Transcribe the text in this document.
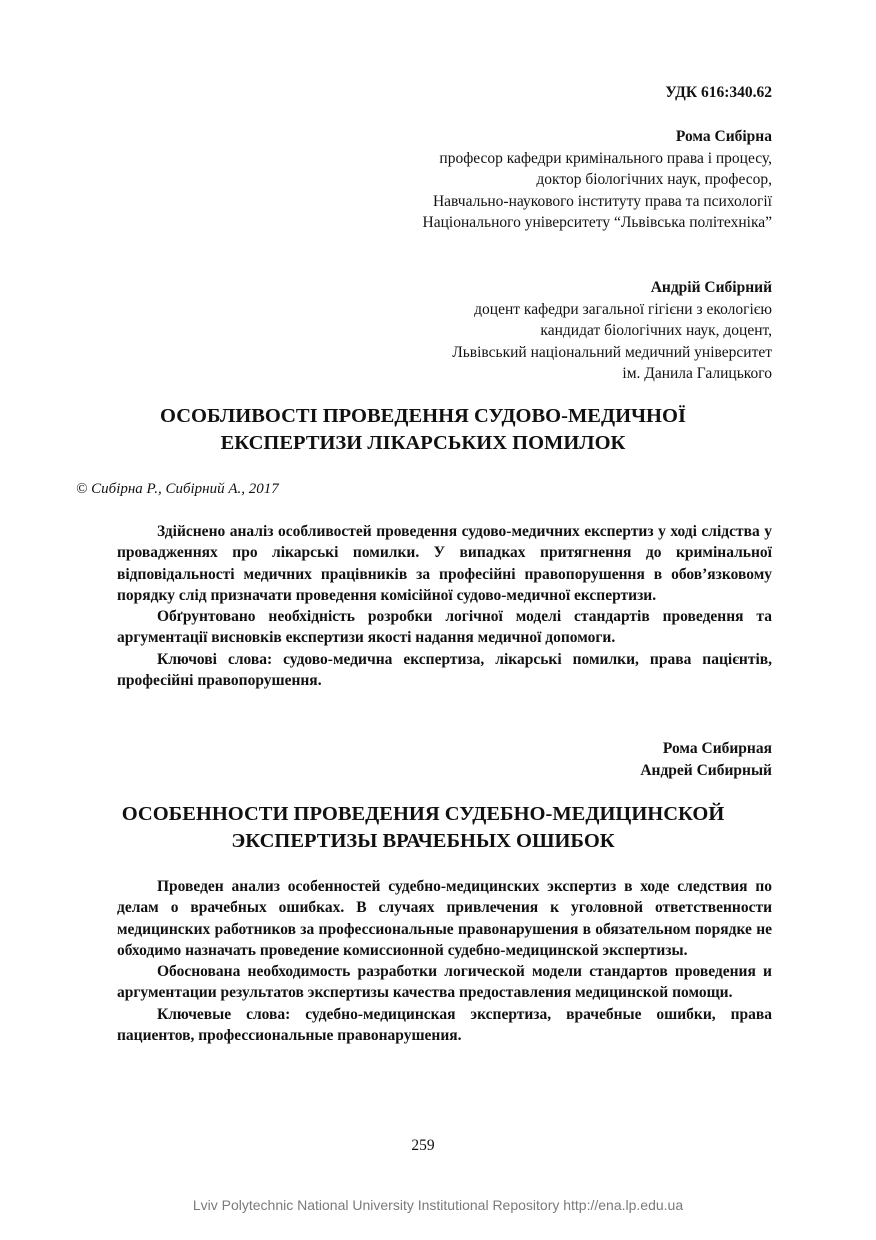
УДК 616:340.62
Рома Сибірна
професор кафедри кримінального права і процесу,
доктор біологічних наук, професор,
Навчально-наукового інституту права та психології
Національного університету “Львівська політехніка”
Андрій Сибірний
доцент кафедри загальної гігієни з екологією
кандидат біологічних наук, доцент,
Львівський національний медичний університет
ім. Данила Галицького
ОСОБЛИВОСТІ ПРОВЕДЕННЯ СУДОВО-МЕДИЧНОЇ
ЕКСПЕРТИЗИ ЛІКАРСЬКИХ ПОМИЛОК
© Сибірна Р., Сибірний А., 2017

Здійснено аналіз особливостей проведення судово-медичних експертиз у ході слідства у провадженнях про лікарські помилки. У випадках притягнення до кримінальної відповідальності медичних працівників за професійні правопорушення в обов’язковому порядку слід призначати проведення комісійної судово-медичної експертизи.

Обґрунтовано необхідність розробки логічної моделі стандартів проведення та аргументації висновків експертизи якості надання медичної допомоги.

Ключові слова: судово-медична експертиза, лікарські помилки, права пацієнтів, професійні правопорушення.

Рома Сибирная
Андрей Сибирный
ОСОБЕННОСТИ ПРОВЕДЕНИЯ СУДЕБНО-МЕДИЦИНСКОЙ
ЭКСПЕРТИЗЫ ВРАЧЕБНЫХ ОШИБОК

Проведен анализ особенностей судебно-медицинских экспертиз в ходе следствия по делам о врачебных ошибках. В случаях привлечения к уголовной ответственности медицинских работников за профессиональные правонарушения в обязательном порядке не обходимо назначать проведение комиссионной судебно-медицинской экспертизы.

Обоснована необходимость разработки логической модели стандартов проведения и аргументации результатов экспертизы качества предоставления медицинской помощи.

Ключевые слова: судебно-медицинская экспертиза, врачебные ошибки, права пациентов, профессиональные правонарушения.

259
Lviv Polytechnic National University Institutional Repository http://ena.lp.edu.ua
